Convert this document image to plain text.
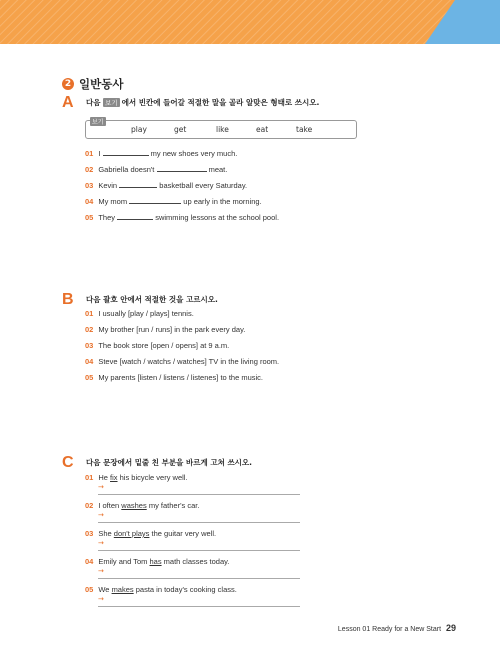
2 일반동사
A 다음 보기 에서 빈칸에 들어갈 적절한 말을 골라 알맞은 형태로 쓰시오.
보기
play	get	like	eat	take
01 I	my new shoes very much.
02 Gabriella doesn't	meat.
03 Kevin	basketball every Saturday.
04 My mom	up early in the morning.
05 They	swimming lessons at the school pool.
B 다음 괄호 안에서 적절한 것을 고르시오.
01 I usually [play / plays] tennis.
02 My brother [run / runs] in the park every day.
03 The book store [open / opens] at 9 a.m.
04 Steve [watch / watchs / watches] TV in the living room.
05 My parents [listen / listens / listenes] to the music.
C 다음 문장에서 밑줄 친 부분을 바르게 고쳐 쓰시오.
01 He fix his bicycle very well.
→
02 I often washes my father's car.
→
03 She don't plays the guitar very well.
→
04 Emily and Tom has math classes today.
→
05 We makes pasta in today's cooking class.
→
Lesson 01 Ready for a New Start 29
